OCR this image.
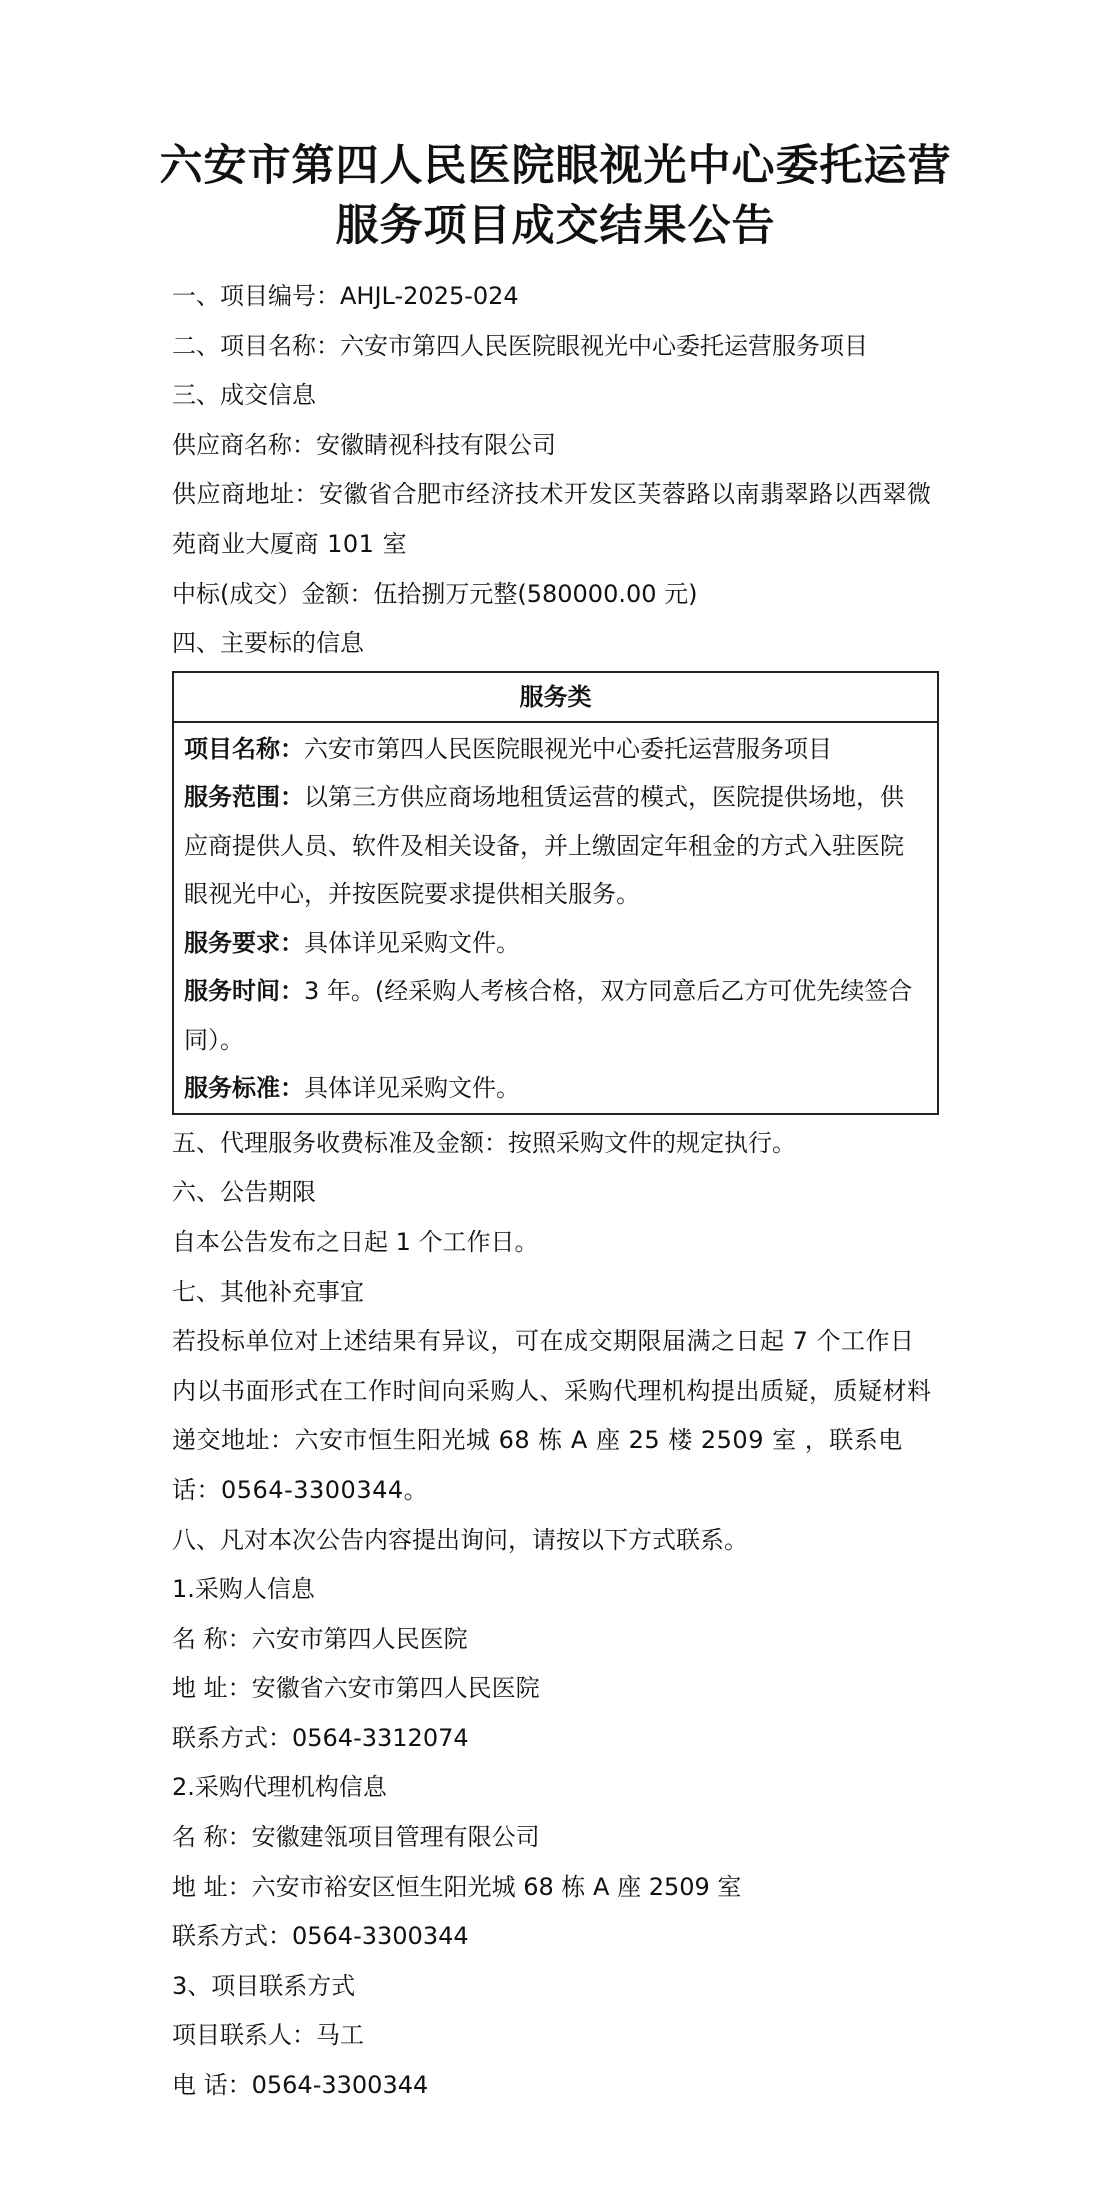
六安市第四人民医院眼视光中心委托运营
服务项目成交结果公告
一、项目编号：AHJL-2025-024
二、项目名称：六安市第四人民医院眼视光中心委托运营服务项目
三、成交信息
供应商名称：安徽睛视科技有限公司
供应商地址：安徽省合肥市经济技术开发区芙蓉路以南翡翠路以西翠微苑商业大厦商 101 室
中标(成交）金额：伍拾捌万元整(580000.00 元)
四、主要标的信息
服务类
项目名称：六安市第四人民医院眼视光中心委托运营服务项目
服务范围：以第三方供应商场地租赁运营的模式，医院提供场地，供应商提供人员、软件及相关设备，并上缴固定年租金的方式入驻医院眼视光中心，并按医院要求提供相关服务。
服务要求：具体详见采购文件。
服务时间：3 年。(经采购人考核合格，双方同意后乙方可优先续签合同）。
服务标准：具体详见采购文件。
五、代理服务收费标准及金额：按照采购文件的规定执行。
六、公告期限
自本公告发布之日起 1 个工作日。
七、其他补充事宜
若投标单位对上述结果有异议，可在成交期限届满之日起 7 个工作日内以书面形式在工作时间向采购人、采购代理机构提出质疑，质疑材料递交地址：六安市恒生阳光城 68 栋 A 座 25 楼 2509 室 ，联系电话：0564-3300344。
八、凡对本次公告内容提出询问，请按以下方式联系。
1.采购人信息
名 称：六安市第四人民医院
地 址：安徽省六安市第四人民医院
联系方式：0564-3312074
2.采购代理机构信息
名 称：安徽建瓴项目管理有限公司
地 址：六安市裕安区恒生阳光城 68 栋 A 座 2509 室
联系方式：0564-3300344
3、项目联系方式
项目联系人：马工
电 话：0564-3300344
